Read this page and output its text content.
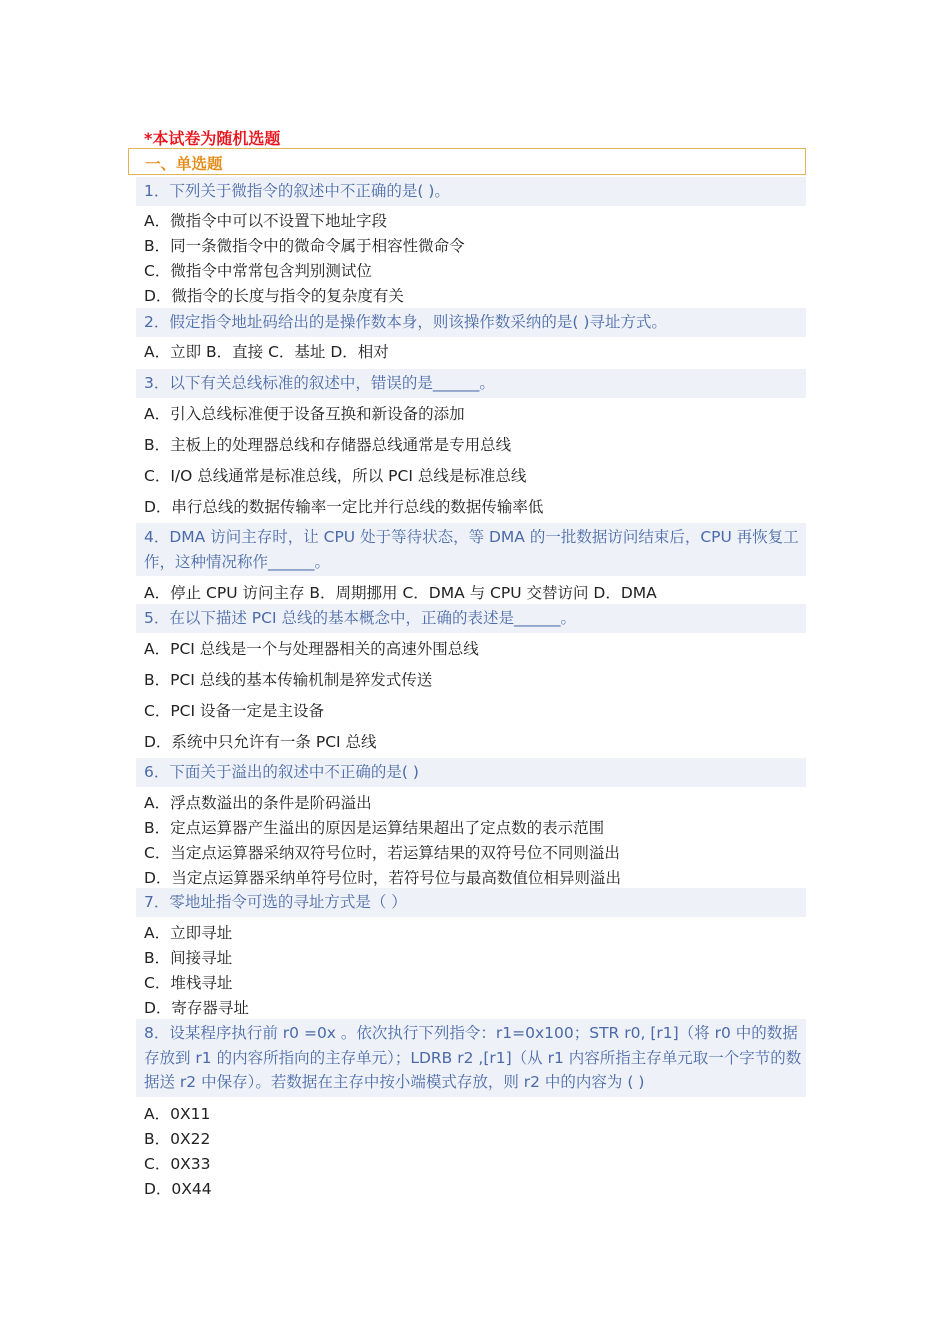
*本试卷为随机选题
一、单选题
1．下列关于微指令的叙述中不正确的是( )。
A．微指令中可以不设置下地址字段
B．同一条微指令中的微命令属于相容性微命令
C．微指令中常常包含判别测试位
D．微指令的长度与指令的复杂度有关
2．假定指令地址码给出的是操作数本身，则该操作数采纳的是( )寻址方式。
A．立即 B．直接 C．基址 D．相对
3．以下有关总线标准的叙述中，错误的是______。
A．引入总线标准便于设备互换和新设备的添加
B．主板上的处理器总线和存储器总线通常是专用总线
C．I/O 总线通常是标准总线，所以 PCI 总线是标准总线
D．串行总线的数据传输率一定比并行总线的数据传输率低
4．DMA 访问主存时，让 CPU 处于等待状态，等 DMA 的一批数据访问结束后，CPU 再恢复工作，这种情况称作______。
A．停止 CPU 访问主存 B．周期挪用 C．DMA 与 CPU 交替访问 D．DMA
5．在以下描述 PCI 总线的基本概念中，正确的表述是______。
A．PCI 总线是一个与处理器相关的高速外围总线
B．PCI 总线的基本传输机制是猝发式传送
C．PCI 设备一定是主设备
D．系统中只允许有一条 PCI 总线
6．下面关于溢出的叙述中不正确的是( )
A．浮点数溢出的条件是阶码溢出
B．定点运算器产生溢出的原因是运算结果超出了定点数的表示范围
C．当定点运算器采纳双符号位时，若运算结果的双符号位不同则溢出
D．当定点运算器采纳单符号位时，若符号位与最高数值位相异则溢出
7．零地址指令可选的寻址方式是（ ）
A．立即寻址
B．间接寻址
C．堆栈寻址
D．寄存器寻址
8．设某程序执行前 r0 =0x 。依次执行下列指令：r1=0x100；STR r0, [r1]（将 r0 中的数据存放到 r1 的内容所指向的主存单元）；LDRB r2 ,[r1]（从 r1 内容所指主存单元取一个字节的数据送 r2 中保存）。若数据在主存中按小端模式存放，则 r2 中的内容为 ( )
A．0X11
B．0X22
C．0X33
D．0X44
